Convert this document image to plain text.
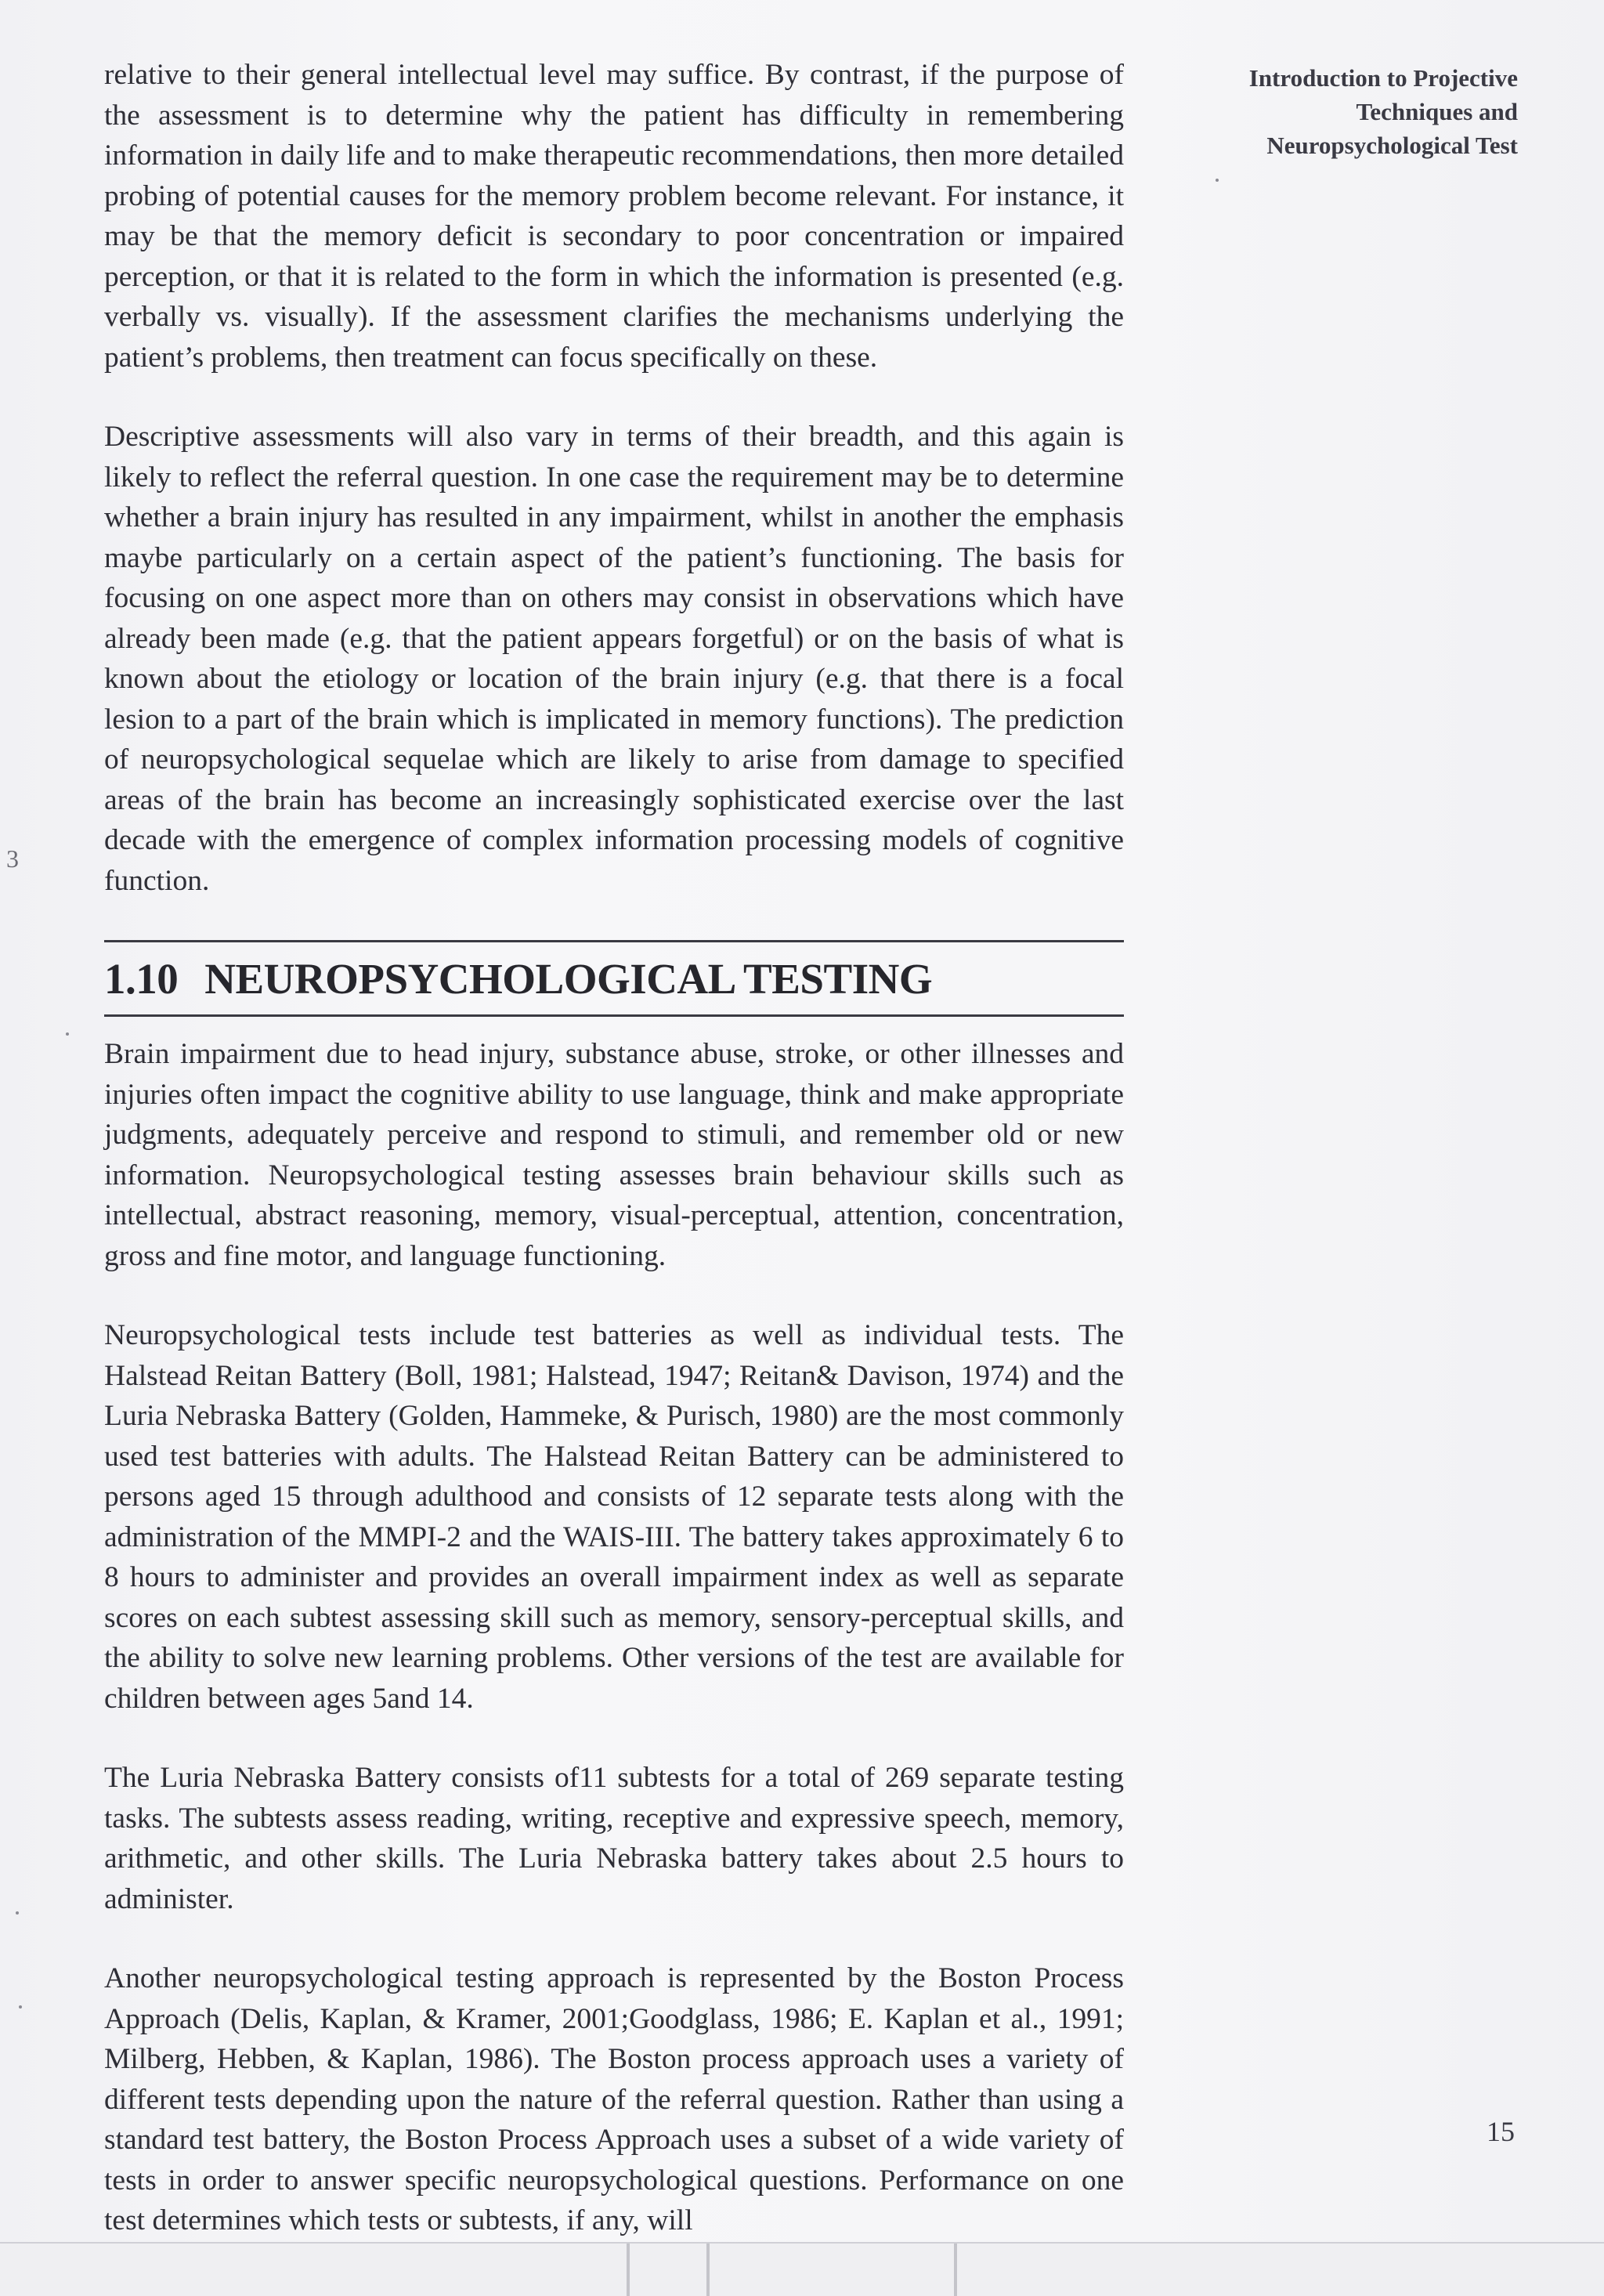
Introduction to Projective
Techniques and
Neuropsychological Test
3

relative to their general intellectual level may suffice. By contrast, if the purpose of the assessment is to determine why the patient has difficulty in remembering information in daily life and to make therapeutic recommendations, then more detailed probing of potential causes for the memory problem become relevant. For instance, it may be that the memory deficit is secondary to poor concentration or impaired perception, or that it is related to the form in which the information is presented (e.g. verbally vs. visually). If the assessment clarifies the mechanisms underlying the patient’s problems, then treatment can focus specifically on these.

Descriptive assessments will also vary in terms of their breadth, and this again is likely to reflect the referral question. In one case the requirement may be to determine whether a brain injury has resulted in any impairment, whilst in another the emphasis maybe particularly on a certain aspect of the patient’s functioning. The basis for focusing on one aspect more than on others may consist in observations which have already been made (e.g. that the patient appears forgetful) or on the basis of what is known about the etiology or location of the brain injury (e.g. that there is a focal lesion to a part of the brain which is implicated in memory functions). The prediction of neuropsychological sequelae which are likely to arise from damage to specified areas of the brain has become an increasingly sophisticated exercise over the last decade with the emergence of complex information processing models of cognitive function.

1.10 NEUROPSYCHOLOGICAL TESTING

Brain impairment due to head injury, substance abuse, stroke, or other illnesses and injuries often impact the cognitive ability to use language, think and make appropriate judgments, adequately perceive and respond to stimuli, and remember old or new information. Neuropsychological testing assesses brain behaviour skills such as intellectual, abstract reasoning, memory, visual-perceptual, attention, concentration, gross and fine motor, and language functioning.

Neuropsychological tests include test batteries as well as individual tests. The Halstead Reitan Battery (Boll, 1981; Halstead, 1947; Reitan& Davison, 1974) and the Luria Nebraska Battery (Golden, Hammeke, & Purisch, 1980) are the most commonly used test batteries with adults. The Halstead Reitan Battery can be administered to persons aged 15 through adulthood and consists of 12 separate tests along with the administration of the MMPI-2 and the WAIS-III. The battery takes approximately 6 to 8 hours to administer and provides an overall impairment index as well as separate scores on each subtest assessing skill such as memory, sensory-perceptual skills, and the ability to solve new learning problems. Other versions of the test are available for children between ages 5and 14.

The Luria Nebraska Battery consists of11 subtests for a total of 269 separate testing tasks. The subtests assess reading, writing, receptive and expressive speech, memory, arithmetic, and other skills. The Luria Nebraska battery takes about 2.5 hours to administer.

Another neuropsychological testing approach is represented by the Boston Process Approach (Delis, Kaplan, & Kramer, 2001;Goodglass, 1986; E. Kaplan et al., 1991; Milberg, Hebben, & Kaplan, 1986). The Boston process approach uses a variety of different tests depending upon the nature of the referral question. Rather than using a standard test battery, the Boston Process Approach uses a subset of a wide variety of tests in order to answer specific neuropsychological questions. Performance on one test determines which tests or subtests, if any, will

15
